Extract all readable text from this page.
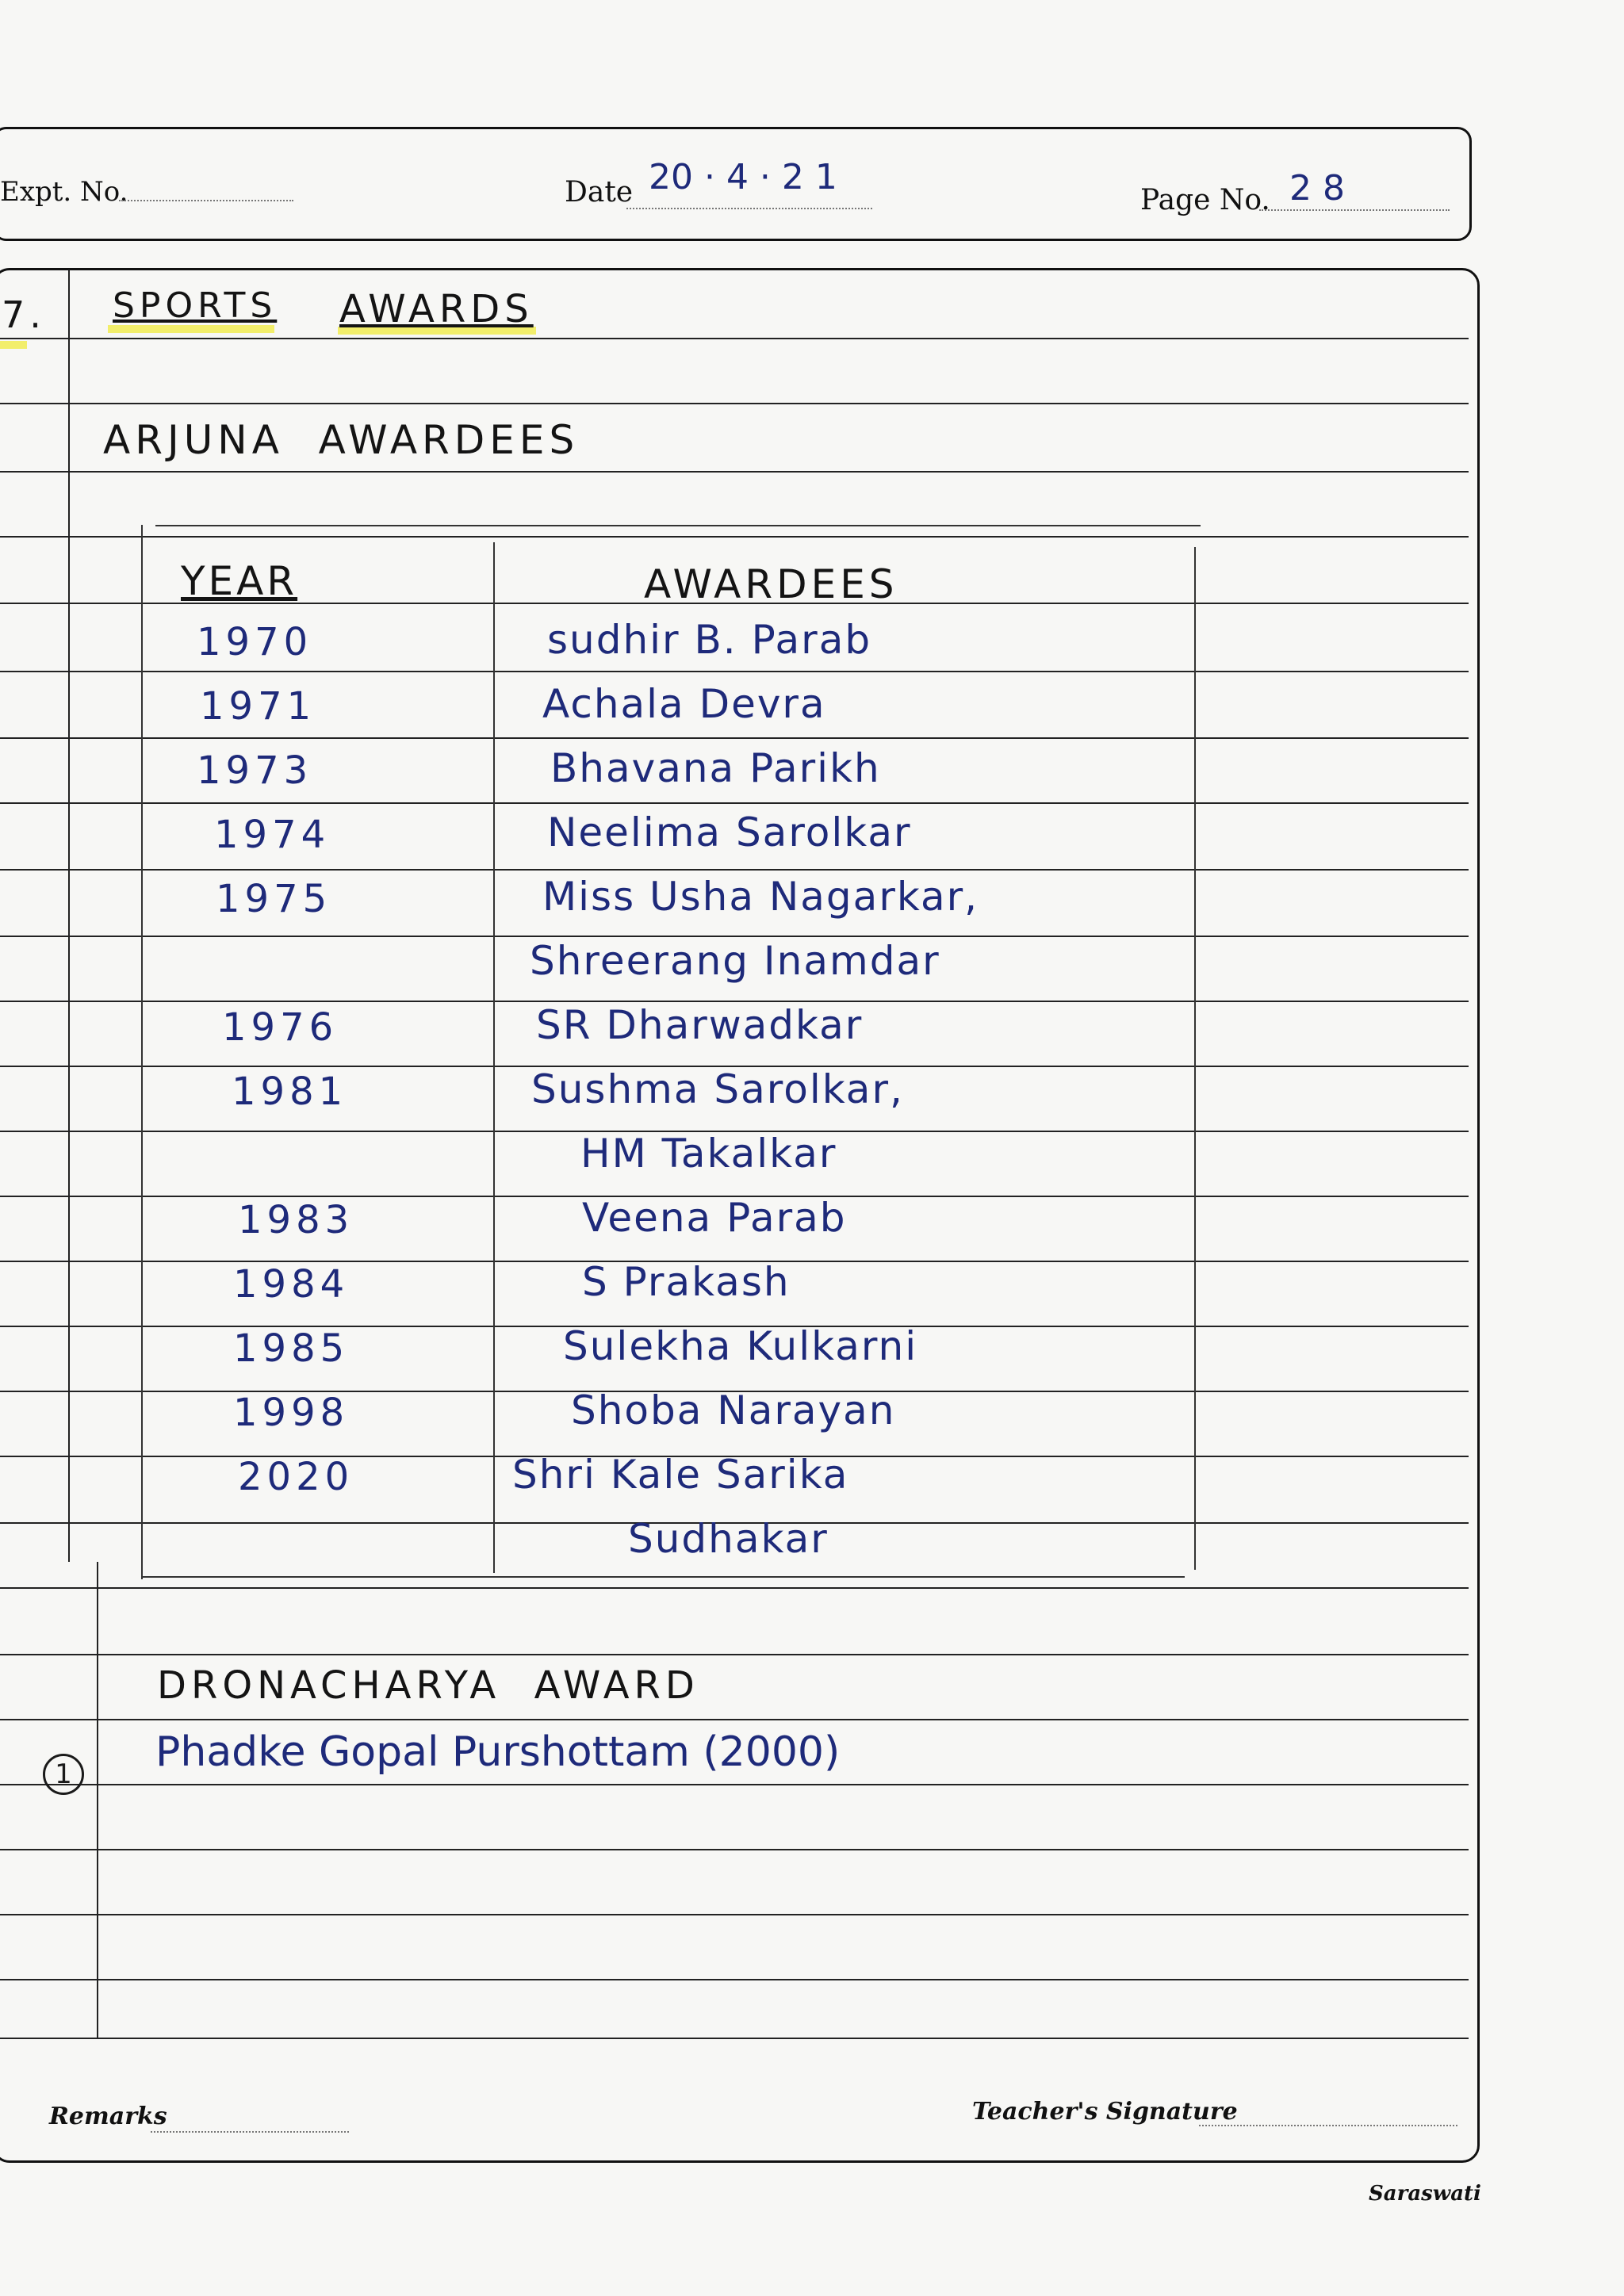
Expt. No.	Date 20 · 4 · 2 1
Page No. 2 8
7. SPORTS AWARDS
ARJUNA  AWARDEES
YEAR	AWARDEES
1970	sudhir B. Parab
1971	Achala Devra
1973	Bhavana Parikh
1974	Neelima Sarolkar
1975	Miss Usha Nagarkar,
Shreerang Inamdar
1976	SR Dharwadkar
1981	Sushma Sarolkar,
HM Takalkar
1983	Veena Parab
1984	S Prakash
1985	Sulekha Kulkarni
1998	Shoba Narayan
2020	Shri Kale Sarika
Sudhakar
DRONACHARYA  AWARD
1 Phadke Gopal Purshottam (2000)
Remarks	Teacher's Signature
Saraswati
